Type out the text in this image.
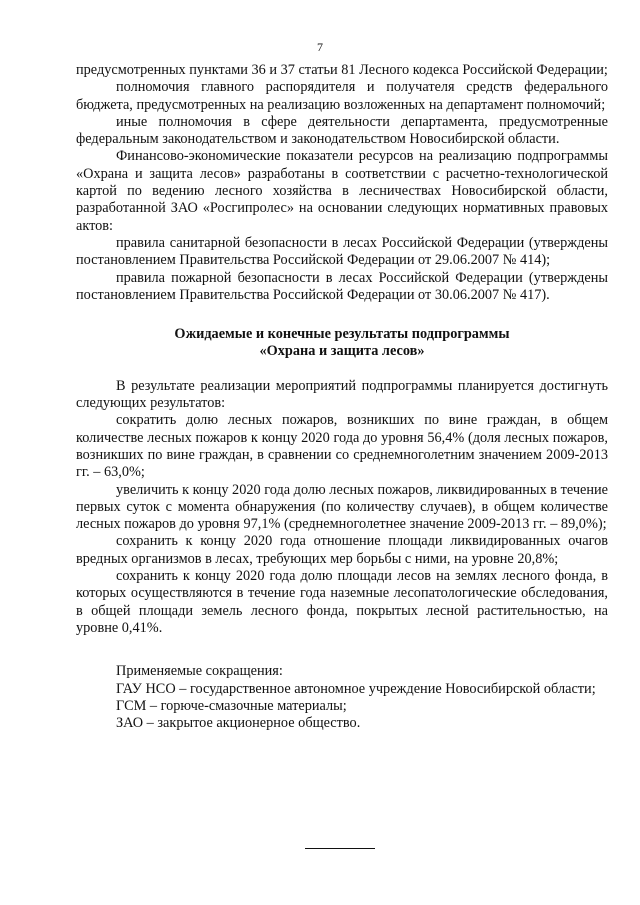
7

предусмотренных пунктами 36 и 37 статьи 81 Лесного кодекса Российской Федерации;

полномочия главного распорядителя и получателя средств федерального бюджета, предусмотренных на реализацию возложенных на департамент полномочий;

иные полномочия в сфере деятельности департамента, предусмотренные федеральным законодательством и законодательством Новосибирской области.

Финансово-экономические показатели ресурсов на реализацию подпрограммы «Охрана и защита лесов» разработаны в соответствии с расчетно-технологической картой по ведению лесного хозяйства в лесничествах Новосибирской области, разработанной ЗАО «Росгипролес» на основании следующих нормативных правовых актов:

правила санитарной безопасности в лесах Российской Федерации (утверждены постановлением Правительства Российской Федерации от 29.06.2007 № 414);

правила пожарной безопасности в лесах Российской Федерации (утверждены постановлением Правительства Российской Федерации от 30.06.2007 № 417).

Ожидаемые и конечные результаты подпрограммы
«Охрана и защита лесов»

В результате реализации мероприятий подпрограммы планируется достигнуть следующих результатов:

сократить долю лесных пожаров, возникших по вине граждан, в общем количестве лесных пожаров к концу 2020 года до уровня 56,4% (доля лесных пожаров, возникших по вине граждан, в сравнении со среднемноголетним значением 2009-2013 гг. – 63,0%;

увеличить к концу 2020 года долю лесных пожаров, ликвидированных в течение первых суток с момента обнаружения (по количеству случаев), в общем количестве лесных пожаров до уровня 97,1% (среднемноголетнее значение 2009-2013 гг. – 89,0%);

сохранить к концу 2020 года отношение площади ликвидированных очагов вредных организмов в лесах, требующих мер борьбы с ними, на уровне 20,8%;

сохранить к концу 2020 года долю площади лесов на землях лесного фонда, в которых осуществляются в течение года наземные лесопатологические обследования, в общей площади земель лесного фонда, покрытых лесной растительностью, на уровне 0,41%.

Применяемые сокращения:

ГАУ НСО – государственное автономное учреждение Новосибирской области;

ГСМ – горюче-смазочные материалы;

ЗАО – закрытое акционерное общество.
